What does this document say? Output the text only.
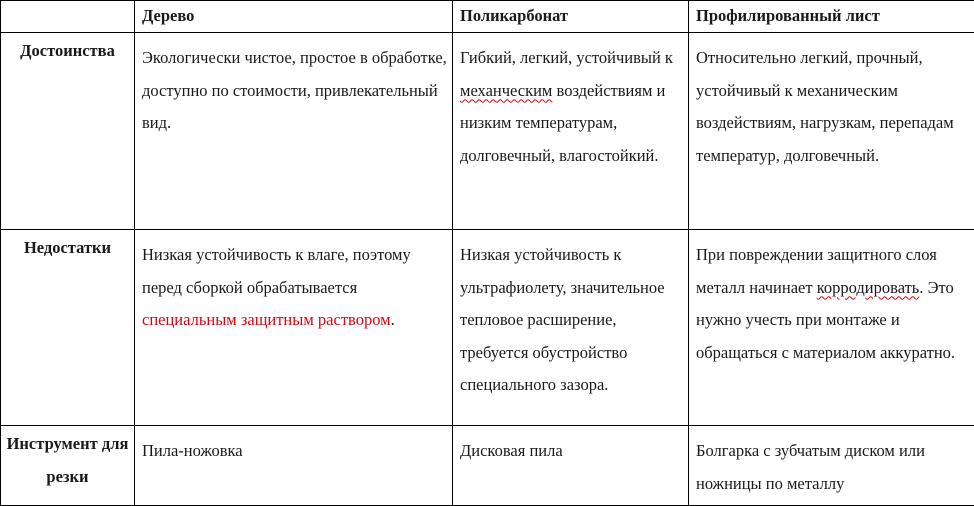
	Дерево	Поликарбонат	Профилированный лист
Достоинства	Экологически чистое, простое в обработке, доступно по стоимости, привлекательный вид.	Гибкий, легкий, устойчивый к механческим воздействиям и низким температурам, долговечный, влагостойкий.	Относительно легкий, прочный, устойчивый к механическим воздействиям, нагрузкам, перепадам температур, долговечный.
Недостатки	Низкая устойчивость к влаге, поэтому перед сборкой обрабатывается специальным защитным раствором.	Низкая устойчивость к ультрафиолету, значительное тепловое расширение, требуется обустройство специального зазора.	При повреждении защитного слоя металл начинает корродировать. Это нужно учесть при монтаже и обращаться с материалом аккуратно.
Инструмент для резки	Пила-ножовка	Дисковая пила	Болгарка с зубчатым диском или ножницы по металлу
